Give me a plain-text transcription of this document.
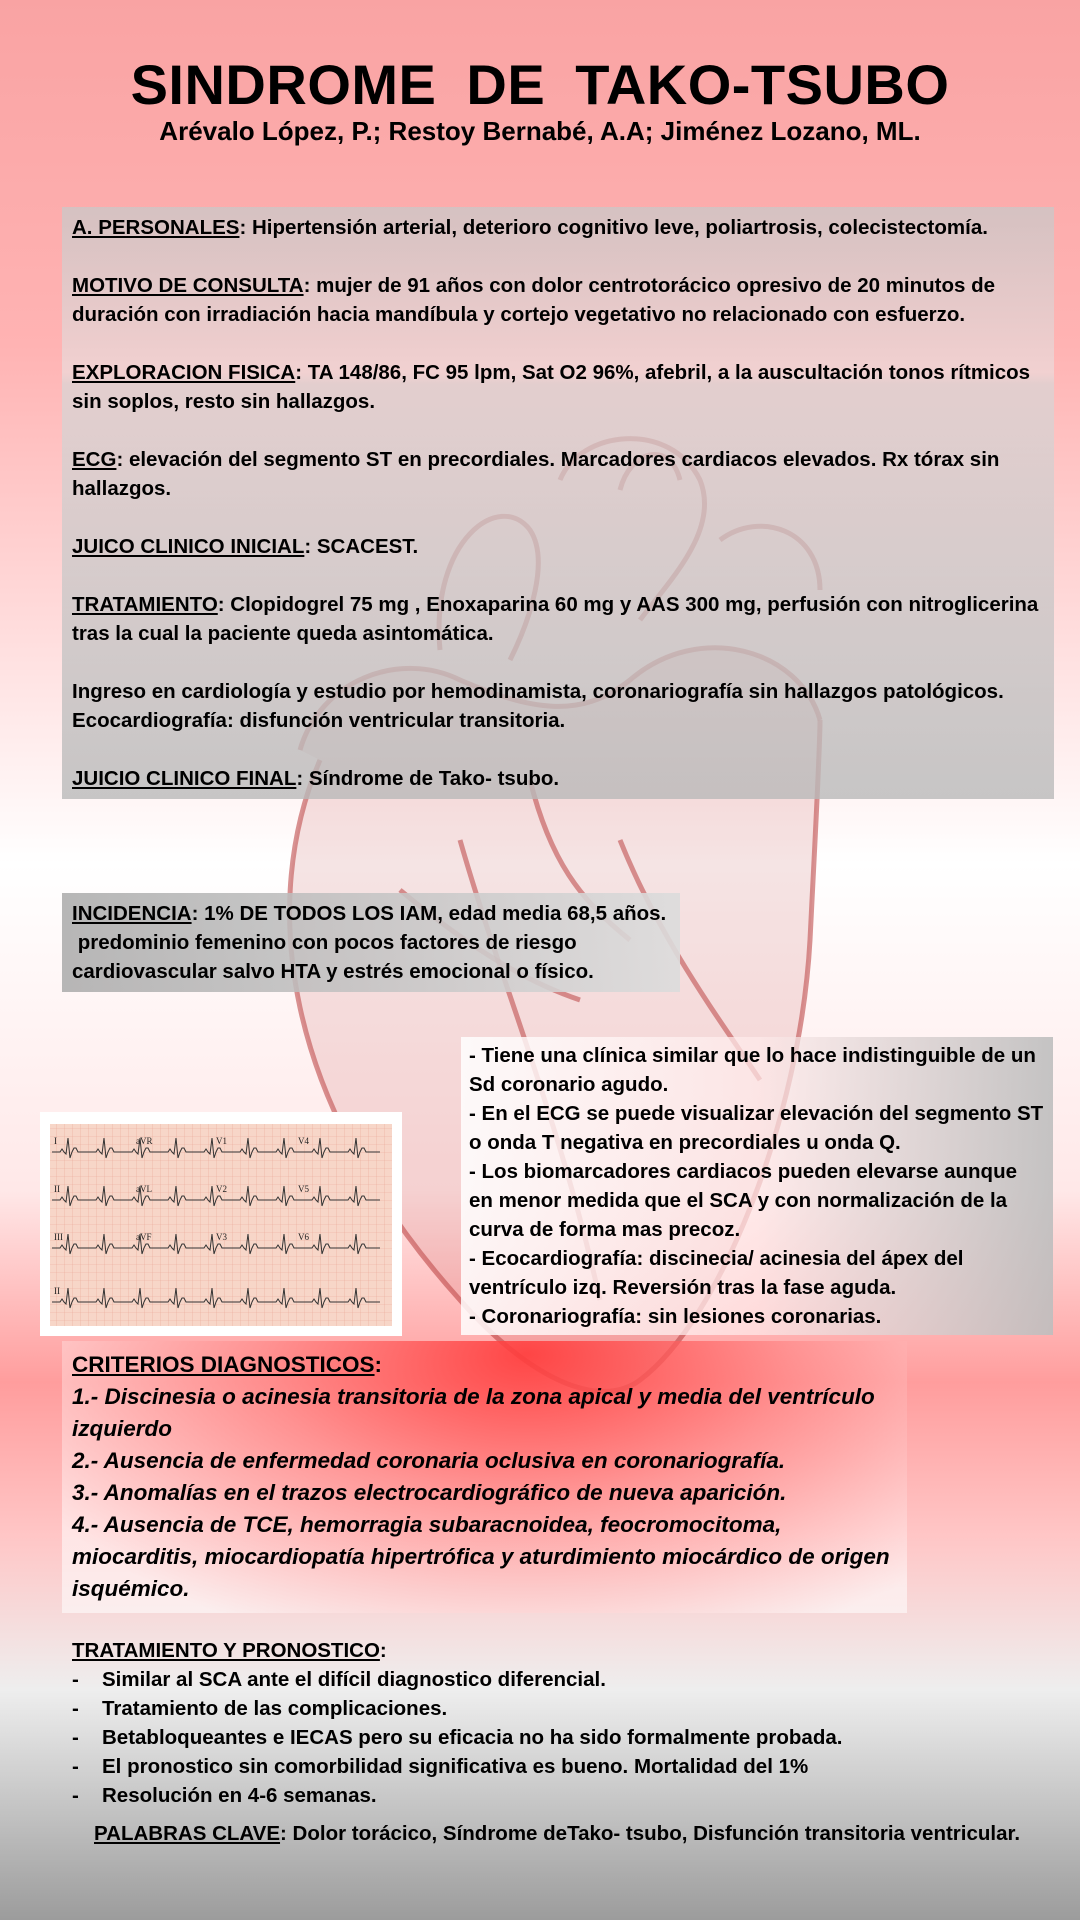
SINDROME DE TAKO-TSUBO
Arévalo López, P.; Restoy Bernabé, A.A; Jiménez Lozano, ML.

A. PERSONALES: Hipertensión arterial, deterioro cognitivo leve, poliartrosis, colecistectomía.

MOTIVO DE CONSULTA: mujer de 91 años con dolor centrotorácico opresivo de 20 minutos de duración con irradiación hacia mandíbula y cortejo vegetativo no relacionado con esfuerzo.

EXPLORACION FISICA: TA 148/86, FC 95 lpm, Sat O2 96%, afebril, a la auscultación tonos rítmicos sin soplos, resto sin hallazgos.

ECG: elevación del segmento ST en precordiales. Marcadores cardiacos elevados. Rx tórax sin hallazgos.

JUICO CLINICO INICIAL: SCACEST.

TRATAMIENTO: Clopidogrel 75 mg , Enoxaparina 60 mg y AAS 300 mg, perfusión con nitroglicerina tras la cual la paciente queda asintomática.

Ingreso en cardiología y estudio por hemodinamista, coronariografía sin hallazgos patológicos. Ecocardiografía: disfunción ventricular transitoria.

JUICIO CLINICO FINAL: Síndrome de Tako- tsubo.

INCIDENCIA: 1% DE TODOS LOS IAM, edad media 68,5 años.
predominio femenino con pocos factores de riesgo cardiovascular salvo HTA y estrés emocional o físico.
- Tiene una clínica similar que lo hace indistinguible de un Sd coronario agudo.
- En el ECG se puede visualizar elevación del segmento ST o onda T negativa en precordiales u onda Q.
- Los biomarcadores cardiacos pueden elevarse aunque en menor medida que el SCA y con normalización de la curva de forma mas precoz.
- Ecocardiografía: discinecia/ acinesia del ápex del ventrículo izq. Reversión tras la fase aguda.
- Coronariografía: sin lesiones coronarias.
I	aVR	V1	V4
II	aVL	V2	V5
III	aVF	V3	V6
II
CRITERIOS DIAGNOSTICOS:
1.- Discinesia o acinesia transitoria de la zona apical y media del ventrículo izquierdo
2.- Ausencia de enfermedad coronaria oclusiva en coronariografía.
3.- Anomalías en el trazos electrocardiográfico de nueva aparición.
4.- Ausencia de TCE, hemorragia subaracnoidea, feocromocitoma, miocarditis, miocardiopatía hipertrófica y aturdimiento miocárdico de origen isquémico.
TRATAMIENTO Y PRONOSTICO:
- Similar al SCA ante el difícil diagnostico diferencial.
- Tratamiento de las complicaciones.
- Betabloqueantes e IECAS pero su eficacia no ha sido formalmente probada.
- El pronostico sin comorbilidad significativa es bueno. Mortalidad del 1%
- Resolución en 4-6 semanas.
PALABRAS CLAVE: Dolor torácico, Síndrome deTako- tsubo, Disfunción transitoria ventricular.
